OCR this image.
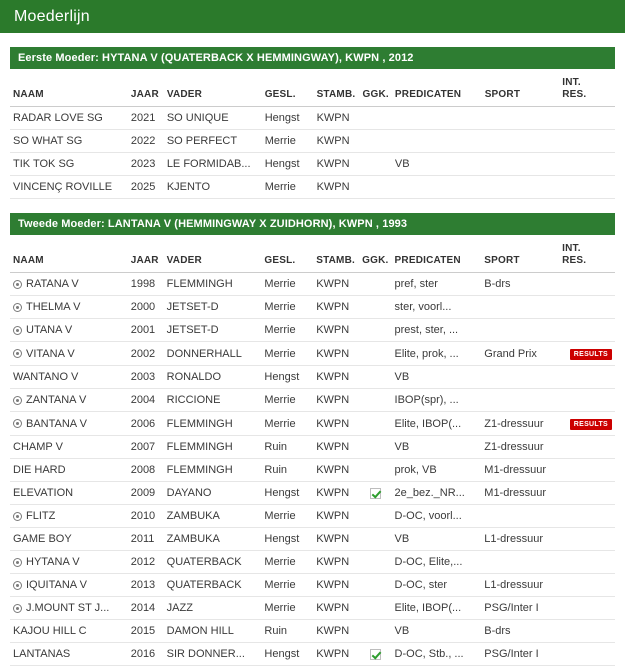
Moederlijn
Eerste Moeder: HYTANA V (QUATERBACK X HEMMINGWAY), KWPN , 2012
NAAM	JAAR	VADER	GESL.	STAMB.	GGK.	PREDICATEN	SPORT	INT.
RES.

RADAR LOVE SG	2021	SO UNIQUE	Hengst	KWPN				

SO WHAT SG	2022	SO PERFECT	Merrie	KWPN				

TIK TOK SG	2023	LE FORMIDAB...	Hengst	KWPN		VB		

VINCENÇ ROVILLE	2025	KJENTO	Merrie	KWPN				
Tweede Moeder: LANTANA V (HEMMINGWAY X ZUIDHORN), KWPN , 1993
NAAM	JAAR	VADER	GESL.	STAMB.	GGK.	PREDICATEN	SPORT	INT.
RES.

RATANA V	1998	FLEMMINGH	Merrie	KWPN		pref, ster	B-drs	

THELMA V	2000	JETSET-D	Merrie	KWPN		ster, voorl...		

UTANA V	2001	JETSET-D	Merrie	KWPN		prest, ster, ...		

VITANA V	2002	DONNERHALL	Merrie	KWPN		Elite, prok, ...	Grand Prix	RESULTS

WANTANO V	2003	RONALDO	Hengst	KWPN		VB		

ZANTANA V	2004	RICCIONE	Merrie	KWPN		IBOP(spr), ...		

BANTANA V	2006	FLEMMINGH	Merrie	KWPN		Elite, IBOP(...	Z1-dressuur	RESULTS

CHAMP V	2007	FLEMMINGH	Ruin	KWPN		VB	Z1-dressuur	

DIE HARD	2008	FLEMMINGH	Ruin	KWPN		prok, VB	M1-dressuur	

ELEVATION	2009	DAYANO	Hengst	KWPN		2e_bez._NR...	M1-dressuur	

FLITZ	2010	ZAMBUKA	Merrie	KWPN		D-OC, voorl...		

GAME BOY	2011	ZAMBUKA	Hengst	KWPN		VB	L1-dressuur	

HYTANA V	2012	QUATERBACK	Merrie	KWPN		D-OC, Elite,...		

IQUITANA V	2013	QUATERBACK	Merrie	KWPN		D-OC, ster	L1-dressuur	

J.MOUNT ST J...	2014	JAZZ	Merrie	KWPN		Elite, IBOP(...	PSG/Inter I	

KAJOU HILL C	2015	DAMON HILL	Ruin	KWPN		VB	B-drs	

LANTANAS	2016	SIR DONNER...	Hengst	KWPN		D-OC, Stb., ...	PSG/Inter I	
